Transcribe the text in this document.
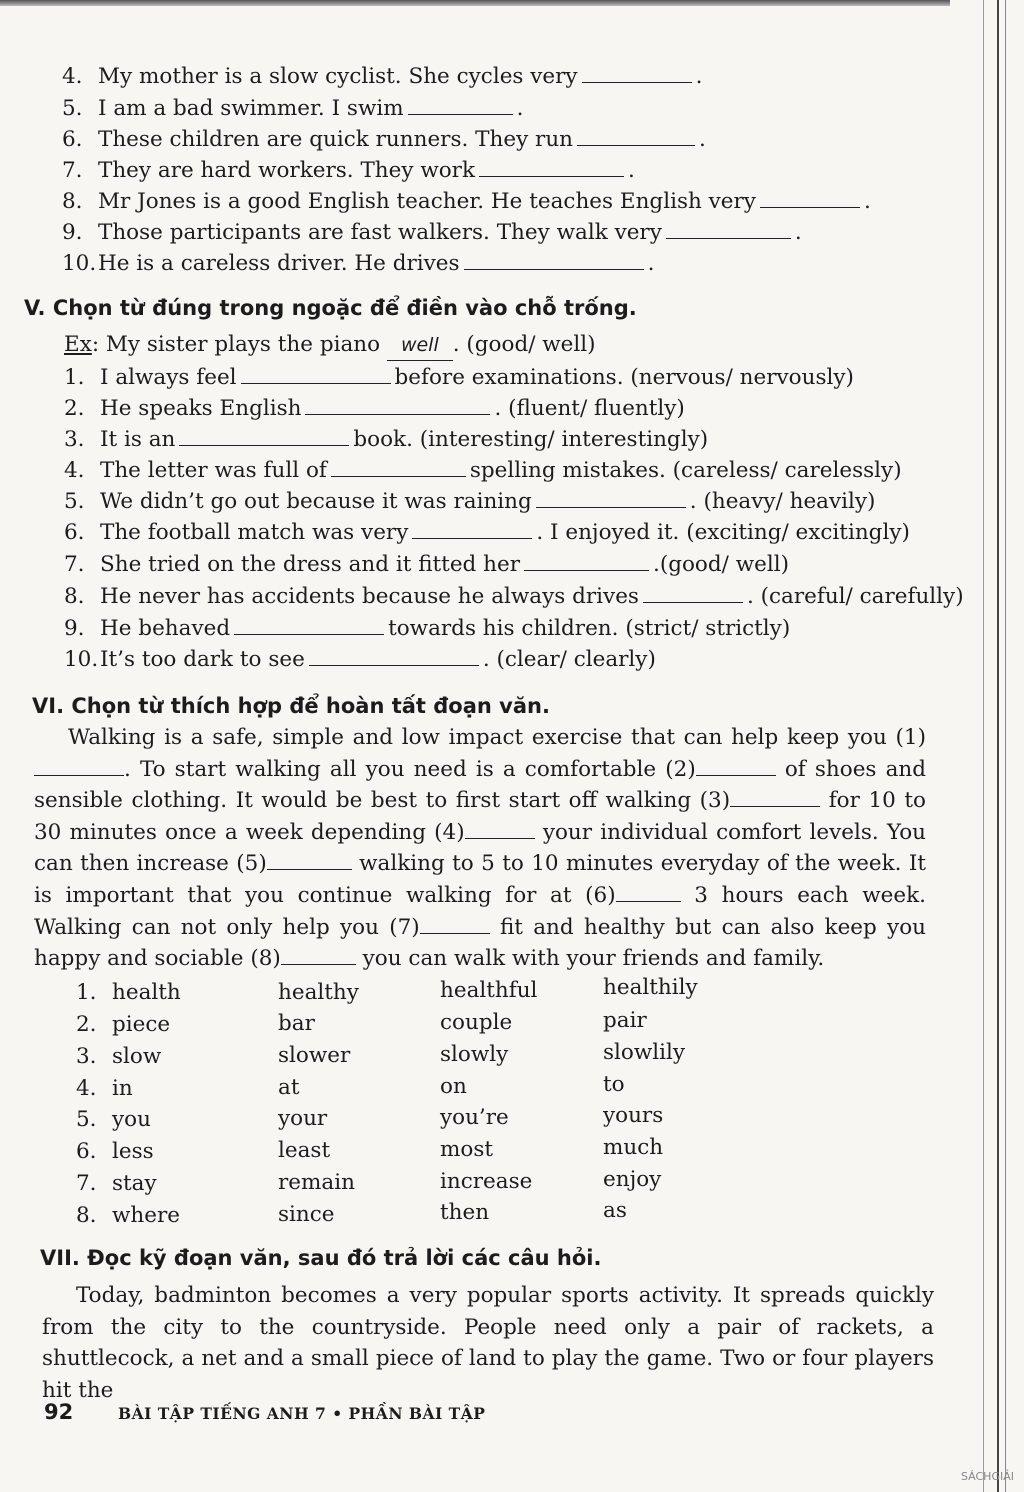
4. My mother is a slow cyclist. She cycles very	.
5. I am a bad swimmer. I swim	.
6. These children are quick runners. They run	.
7. They are hard workers. They work	.
8. Mr Jones is a good English teacher. He teaches English very	.
9. Those participants are fast walkers. They walk very	.
10.He is a careless driver. He drives	.
V. Chọn từ đúng trong ngoặc để điền vào chỗ trống.
Ex: My sister plays the piano well . (good/ well)
1. I always feel	before examinations. (nervous/ nervously)
2. He speaks English	. (fluent/ fluently)
3. It is an	book. (interesting/ interestingly)
4. The letter was full of	spelling mistakes. (careless/ carelessly)
5. We didn’t go out because it was raining	. (heavy/ heavily)
6. The football match was very	. I enjoyed it. (exciting/ excitingly)
7. She tried on the dress and it fitted her	.(good/ well)
8. He never has accidents because he always drives	. (careful/ carefully)
9. He behaved	towards his children. (strict/ strictly)
10.It’s too dark to see	. (clear/ clearly)
VI. Chọn từ thích hợp để hoàn tất đoạn văn.
Walking is a safe, simple and low impact exercise that can help keep you (1). To start walking all you need is a comfortable (2)	of shoes and sensible clothing. It would be best to first start off walking (3)	for 10 to 30 minutes once a week depending (4)	your individual comfort levels. You can then increase (5)	walking to 5 to 10 minutes everyday of the week. It is important that you continue walking for at (6)	3 hours each week. Walking can not only help you (7)	fit and healthy but can also keep you happy and sociable (8)	you can walk with your friends and family.
1. health	healthy	healthful	healthily
2. piece	bar	couple	pair
3. slow	slower	slowly	slowlily
4. in	at	on	to
5. you	your	you’re	yours
6. less	least	most	much
7. stay	remain	increase	enjoy
8. where	since	then	as
VII. Đọc kỹ đoạn văn, sau đó trả lời các câu hỏi.
Today, badminton becomes a very popular sports activity. It spreads quickly from the city to the countryside. People need only a pair of rackets, a shuttlecock, a net and a small piece of land to play the game. Two or four players hit the
92	BÀI TẬP TIẾNG ANH 7 • PHẦN BÀI TẬP
SÁCHGIẢI
